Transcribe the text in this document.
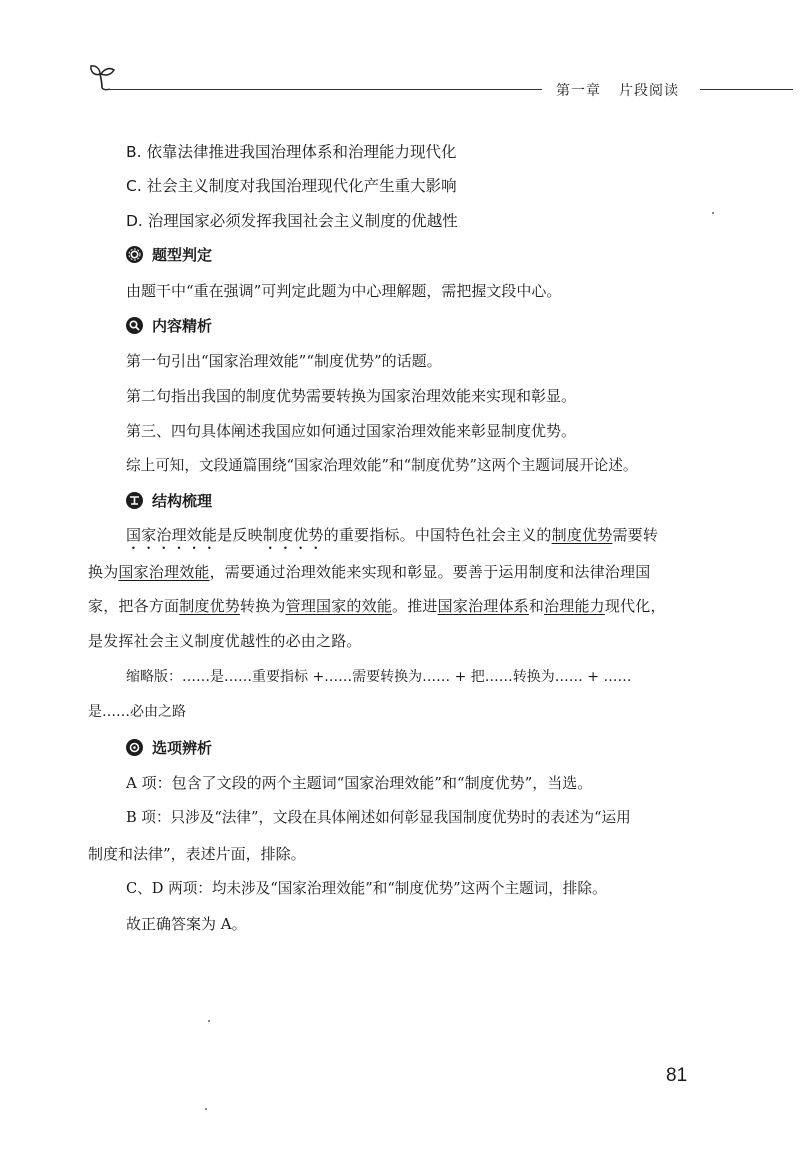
第一章 片段阅读
B. 依靠法律推进我国治理体系和治理能力现代化
C. 社会主义制度对我国治理现代化产生重大影响
D. 治理国家必须发挥我国社会主义制度的优越性
题型判定
由题干中“重在强调”可判定此题为中心理解题，需把握文段中心。
内容精析
第一句引出“国家治理效能”“制度优势”的话题。
第二句指出我国的制度优势需要转换为国家治理效能来实现和彰显。
第三、四句具体阐述我国应如何通过国家治理效能来彰显制度优势。
综上可知，文段通篇围绕“国家治理效能”和“制度优势”这两个主题词展开论述。
结构梳理
国家治理效能是反映制度优势的重要指标。中国特色社会主义的制度优势需要转
换为国家治理效能，需要通过治理效能来实现和彰显。要善于运用制度和法律治理国
家，把各方面制度优势转换为管理国家的效能。推进国家治理体系和治理能力现代化，
是发挥社会主义制度优越性的必由之路。
缩略版：……是……重要指标 +……需要转换为…… + 把……转换为…… + ……
是……必由之路
选项辨析
A 项：包含了文段的两个主题词“国家治理效能”和“制度优势”，当选。
B 项：只涉及“法律”，文段在具体阐述如何彰显我国制度优势时的表述为“运用
制度和法律”，表述片面，排除。
C、D 两项：均未涉及“国家治理效能”和“制度优势”这两个主题词，排除。
故正确答案为 A。
81
